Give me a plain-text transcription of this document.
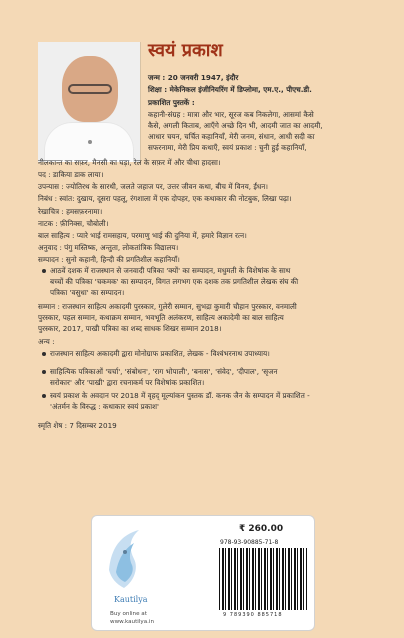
स्वयं प्रकाश
जन्म : 20 जनवरी 1947, इंदौर
शिक्षा : मेकेनिकल इंजीनियरिंग में डिप्लोमा, एम.ए., पीएच.डी.
प्रकाशित पुस्तकें :
कहानी-संग्रह : मात्रा और भार, सूरज कब निकलेगा, आसमां कैसे
कैसे, अगली किताब, आएँगे अच्छे दिन भी, आदमी जात का आदमी,
आधार चयन, चर्चित कहानियाँ, मेरी जनम, संधान, आधी सदी का
सफरनामा, मेरी प्रिय कथाएँ, स्वयं प्रकाश : चुनी हुई कहानियाँ,
नीलकान्त का सफ़र, मैनसी का घड़ा, रेल के सफ़र में और चीथा हादसा।
पद : डाकिया डाक लाया।
उपन्यास : ज्योतिरथ के सारथी, जलते जहाज पर, उत्तर जीवन कथा, बीच में विनय, ईंधन।
निबंध : स्वांत: दुखाय, दूसरा पहलू, रंगशाला में एक दोपहर, एक कथाकार की नोटबुक, लिखा पढ़ा।
रेखाचित्र : हमसफ़रनामा।
नाटक : फ़ीनिक्स, चौबोली।
बाल साहित्य : प्यारे भाई रामसहाय, परमाणु भाई की दुनिया में, हमारे विज्ञान रत्न।
अनुवाद : पंगु मस्तिष्क, अन्तुता, लोकतांत्रिक विद्यालय।
सम्पादन : सुनो कहानी, हिन्दी की प्रगतिशील कहानियाँ।
आठवें दशक में राजस्थान से जनवादी पत्रिका 'क्यों' का सम्पादन, मधुमती के विशेषांक के साथ
बच्चों की पत्रिका 'चकमक' का सम्पादन, विगत लगभग एक दशक तक प्रगतिशील लेखक संघ की
पत्रिका 'वसुधा' का सम्पादन।
सम्मान : राजस्थान साहित्य अकादमी पुरस्कार, गुलेरी सम्मान, सुभद्रा कुमारी चौहान पुरस्कार, वनमाली
पुरस्कार, पहल सम्मान, कथाक्रम सम्मान, भवभूति अलंकरण, साहित्य अकादेमी का बाल साहित्य
पुरस्कार, 2017, पाखी पत्रिका का शब्द साधक शिखर सम्मान 2018।
अन्य :
राजस्थान साहित्य अकादमी द्वारा मोनोग्राफ प्रकाशित, लेखक - विश्वंभरनाथ उपाध्याय।
साहित्यिक पत्रिकाओं 'चर्चा', 'संबोधन', 'राग भोपाली', 'बनास', 'संवेद', 'दीपाल', 'सृजन
सरोकार' और 'पाखी' द्वारा रचनाकर्म पर विशेषांक प्रकाशित।
स्वयं प्रकाश के अवदान पर 2018 में वृहद् मूल्यांकन पुस्तक डॉ. कनक जैन के सम्पादन में प्रकाशित -
'अंतर्मन के विरुद्ध : कथाकार स्वयं प्रकाश'
स्मृति शेष : 7 दिसम्बर 2019
Kautilya
Buy online at
www.kautilya.in
₹ 260.00
978-93-90885-71-8
9 789390 885718
